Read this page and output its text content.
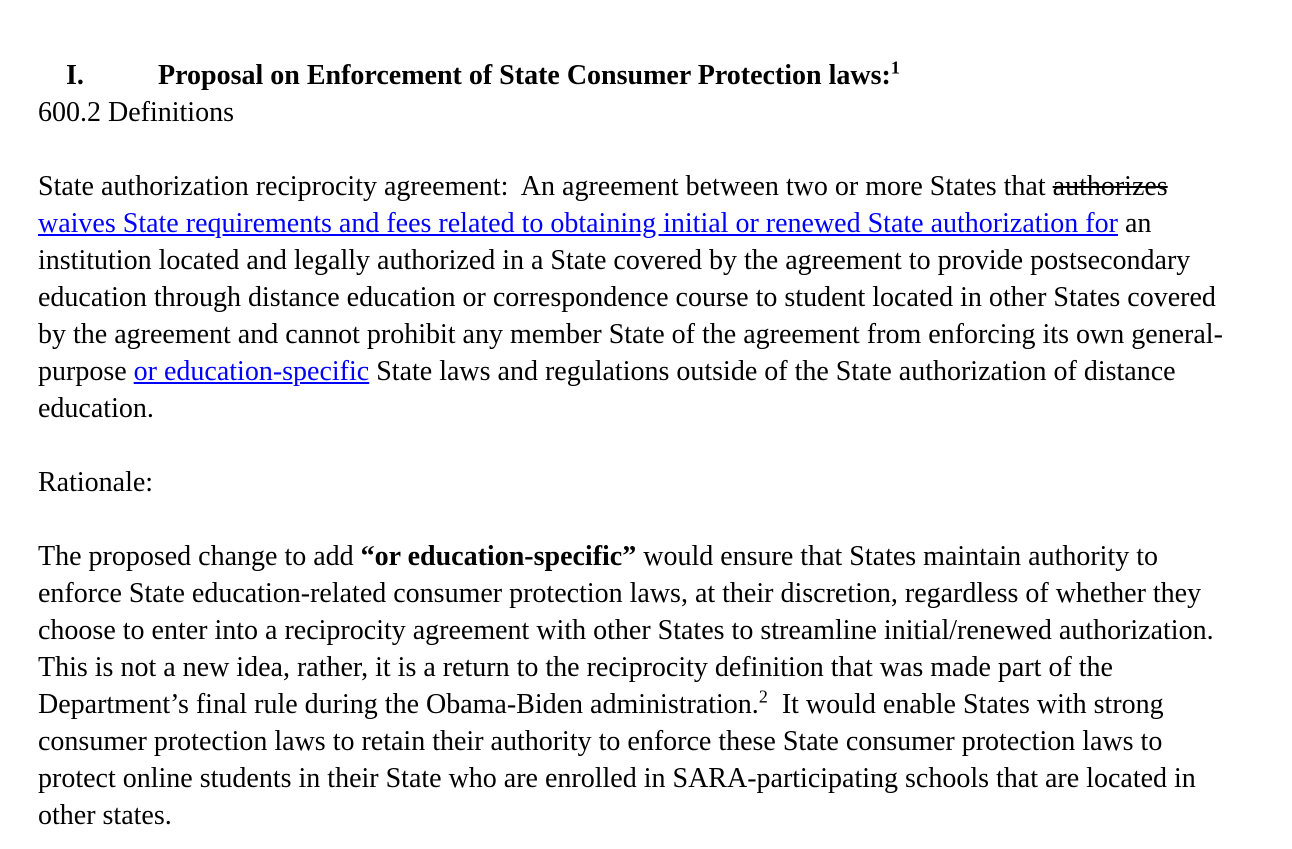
I.	Proposal on Enforcement of State Consumer Protection laws:$^1$

600.2 Definitions
State authorization reciprocity agreement:  An agreement between two or more States that authorizes
waives State requirements and fees related to obtaining initial or renewed State authorization for an
institution located and legally authorized in a State covered by the agreement to provide postsecondary
education through distance education or correspondence course to student located in other States covered
by the agreement and cannot prohibit any member State of the agreement from enforcing its own general-
purpose or education-specific State laws and regulations outside of the State authorization of distance
education.
Rationale:
The proposed change to add “or education-specific” would ensure that States maintain authority to
enforce State education-related consumer protection laws, at their discretion, regardless of whether they
choose to enter into a reciprocity agreement with other States to streamline initial/renewed authorization.
This is not a new idea, rather, it is a return to the reciprocity definition that was made part of the
Department’s final rule during the Obama-Biden administration.$^2$  It would enable States with strong
consumer protection laws to retain their authority to enforce these State consumer protection laws to
protect online students in their State who are enrolled in SARA-participating schools that are located in
other states.
